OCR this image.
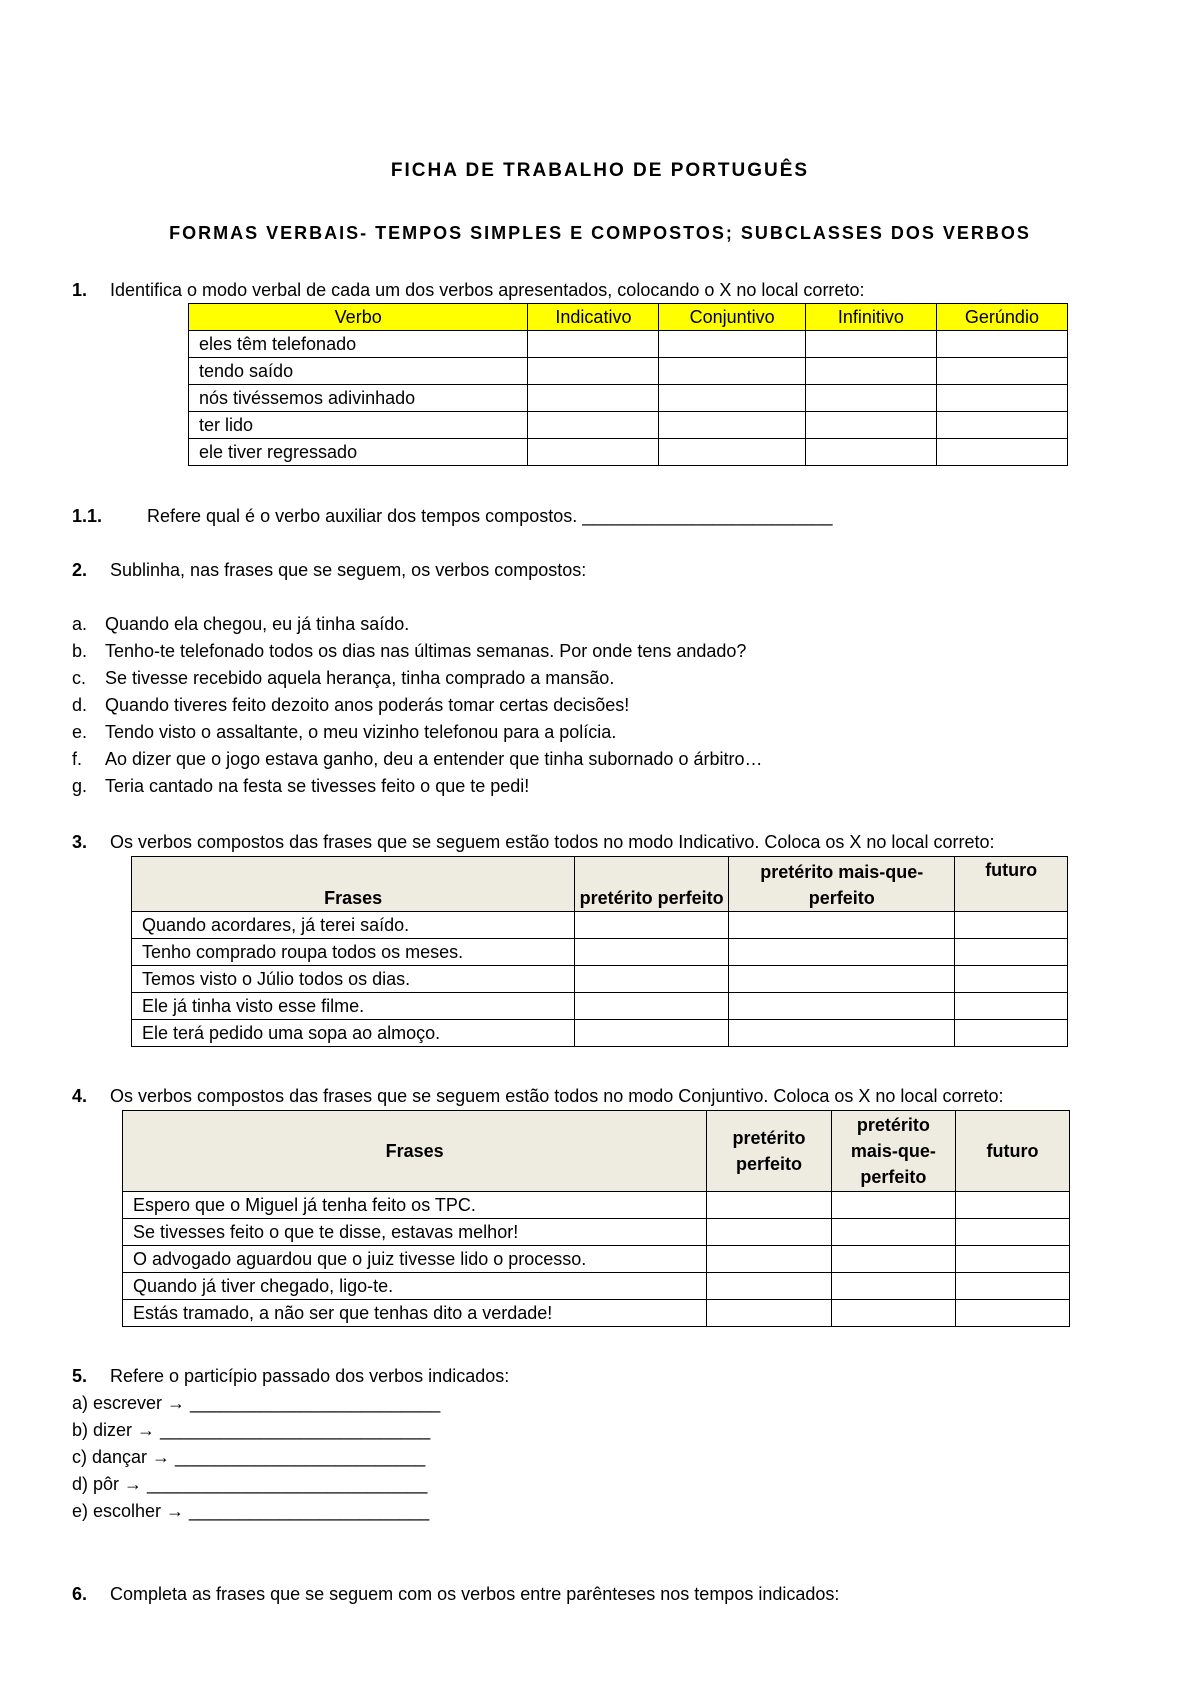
FICHA DE TRABALHO DE PORTUGUÊS
FORMAS VERBAIS- TEMPOS SIMPLES E COMPOSTOS; SUBCLASSES DOS VERBOS
1. Identifica o modo verbal de cada um dos verbos apresentados, colocando o X no local correto:
Verbo	Indicativo	Conjuntivo	Infinitivo	Gerúndio
eles têm telefonado				
tendo saído				
nós tivéssemos adivinhado				
ter lido				
ele tiver regressado				
1.1. Refere qual é o verbo auxiliar dos tempos compostos. _________________________
2. Sublinha, nas frases que se seguem, os verbos compostos:
a. Quando ela chegou, eu já tinha saído.
b. Tenho-te telefonado todos os dias nas últimas semanas. Por onde tens andado?
c. Se tivesse recebido aquela herança, tinha comprado a mansão.
d. Quando tiveres feito dezoito anos poderás tomar certas decisões!
e. Tendo visto o assaltante, o meu vizinho telefonou para a polícia.
f. Ao dizer que o jogo estava ganho, deu a entender que tinha subornado o árbitro…
g. Teria cantado na festa se tivesses feito o que te pedi!
3. Os verbos compostos das frases que se seguem estão todos no modo Indicativo. Coloca os X no local correto:
Frases	pretérito perfeito	pretérito mais-que-perfeito	futuro
Quando acordares, já terei saído.			
Tenho comprado roupa todos os meses.			
Temos visto o Júlio todos os dias.			
Ele já tinha visto esse filme.			
Ele terá pedido uma sopa ao almoço.			
4. Os verbos compostos das frases que se seguem estão todos no modo Conjuntivo. Coloca os X no local correto:
Frases	pretérito perfeito	pretérito mais-que-perfeito	futuro
Espero que o Miguel já tenha feito os TPC.			
Se tivesses feito o que te disse, estavas melhor!			
O advogado aguardou que o juiz tivesse lido o processo.			
Quando já tiver chegado, ligo-te.			
Estás tramado, a não ser que tenhas dito a verdade!			
5. Refere o particípio passado dos verbos indicados:
a) escrever → _________________________
b) dizer → ___________________________
c) dançar → _________________________
d) pôr → ____________________________
e) escolher → ________________________
6. Completa as frases que se seguem com os verbos entre parênteses nos tempos indicados:
